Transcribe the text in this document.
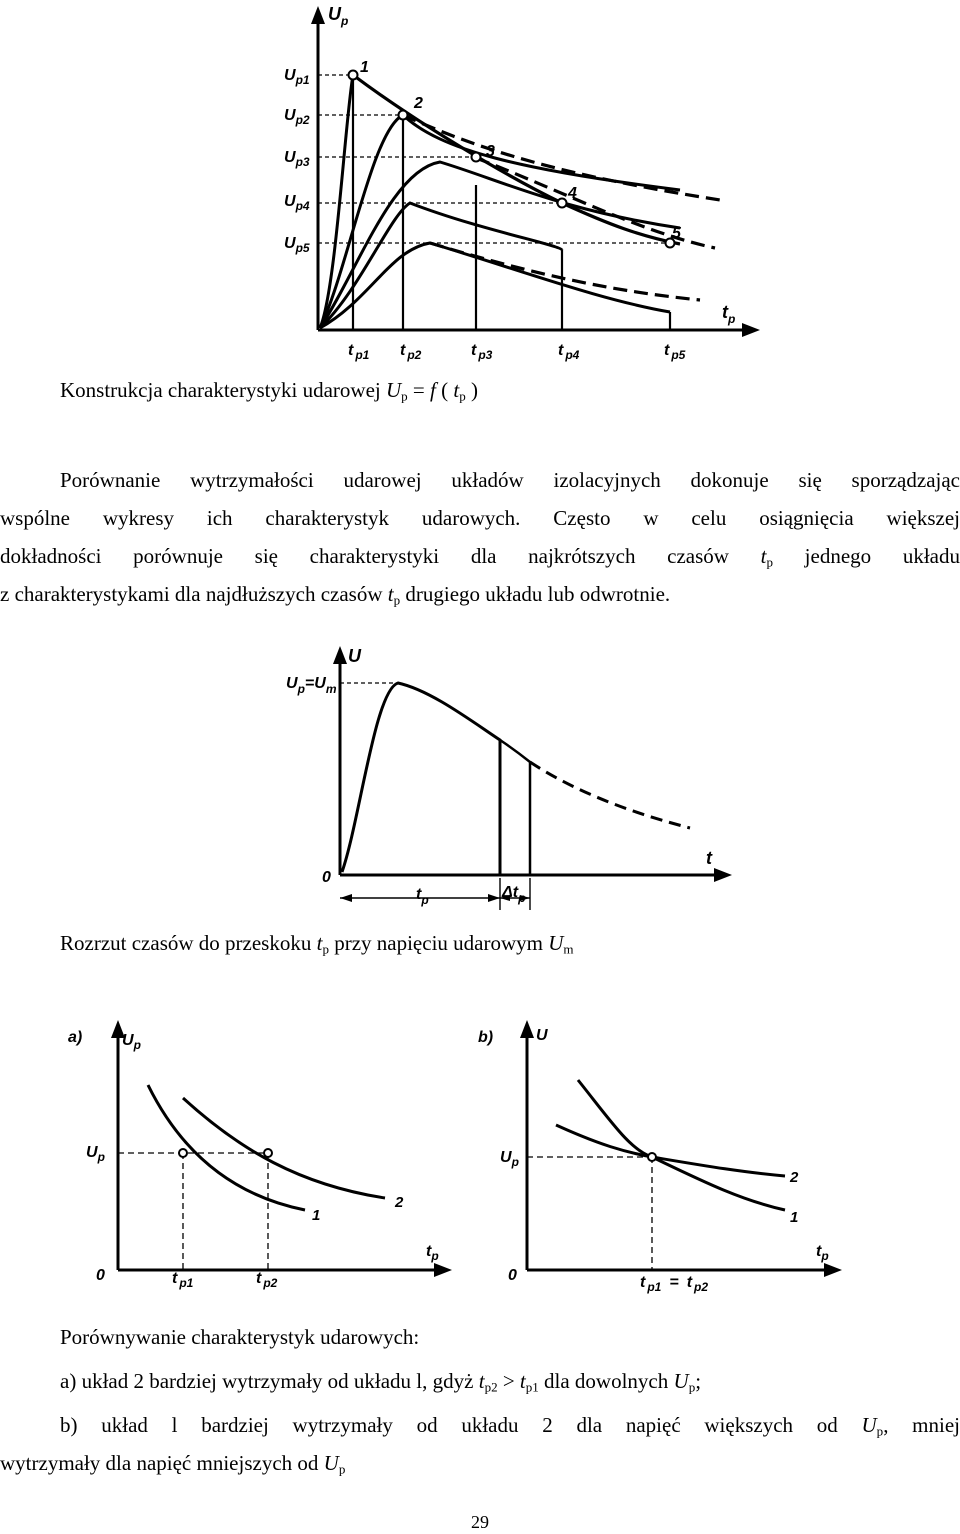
$U_p$
$t_p$
$U_{p1}$
$U_{p2}$
$U_{p3}$
$U_{p4}$
$U_{p5}$
1
2
3
4
5
t $_{p1}$ t $_{p2}$	t $_{p3}$	t $_{p4}$	t $_{p5}$
Konstrukcja charakterystyki udarowej $U_p = f$ ( $t_p$ )
Porównanie wytrzymałości udarowej układów izolacyjnych dokonuje się sporządzając
wspólne wykresy ich charakterystyk udarowych. Często w celu osiągnięcia większej
dokładności porównuje się charakterystyki dla najkrótszych czasów $t_p$ jednego układu
z charakterystykami dla najdłuższych czasów $t_p$ drugiego układu lub odwrotnie.
U
$U_p=U_m$
0
t
$t_p$	$\Delta t_p$
Rozrzut czasów do przeskoku $t_p$ przy napięciu udarowym $U_m$
a) $U_p$
$U_p$
0
$t_p$
1
2
t $_{p1}$	t $_{p2}$
b)	U
$U_p$
0
$t_p$
2
1
t $_{p1}$ = t $_{p2}$
Porównywanie charakterystyk udarowych:
a) układ 2 bardziej wytrzymały od układu l, gdyż $t_{p2} > t_{p1}$ dla dowolnych $U_p$;
b) układ l bardziej wytrzymały od układu 2 dla napięć większych od $U_p$, mniej
wytrzymały dla napięć mniejszych od $U_p$
29
